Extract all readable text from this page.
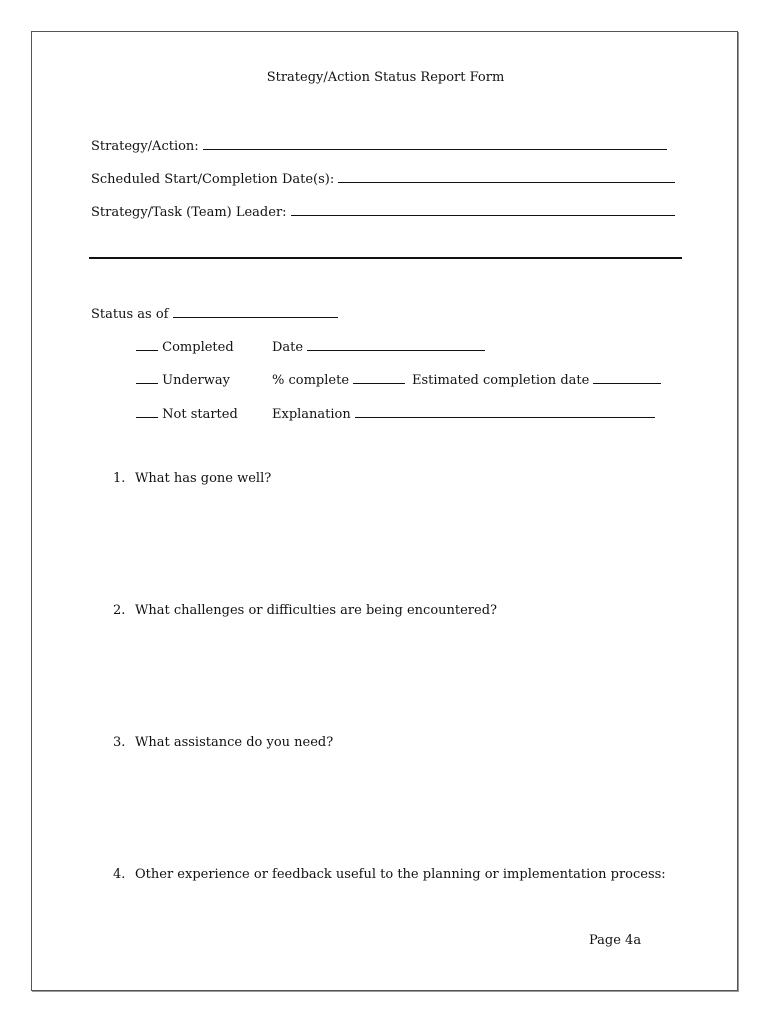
Strategy/Action Status Report Form
Strategy/Action:
Scheduled Start/Completion Date(s):
Strategy/Task (Team) Leader:
Status as of
Completed	Date
Underway	% complete	Estimated completion date
Not started	Explanation
1. What has gone well?
2. What challenges or difficulties are being encountered?
3. What assistance do you need?
4. Other experience or feedback useful to the planning or implementation process:
Page 4a
